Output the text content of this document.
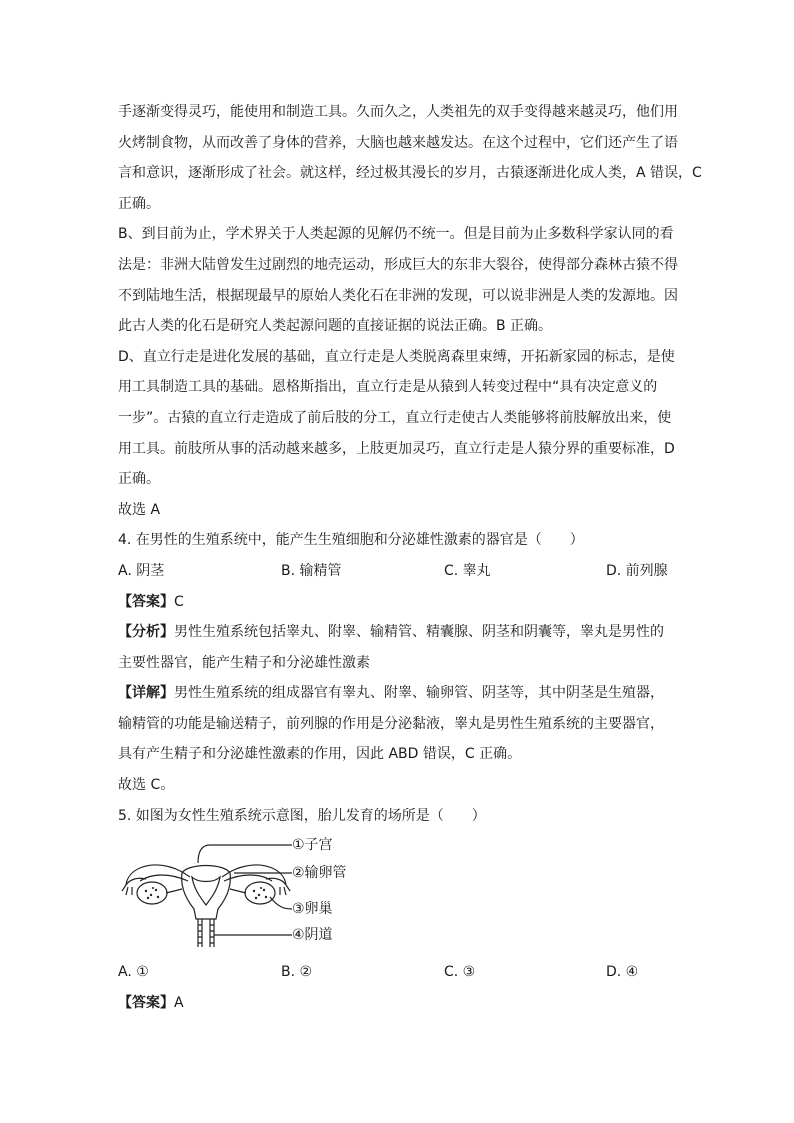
手逐渐变得灵巧，能使用和制造工具。久而久之，人类祖先的双手变得越来越灵巧，他们用
火烤制食物，从而改善了身体的营养，大脑也越来越发达。在这个过程中，它们还产生了语
言和意识，逐渐形成了社会。就这样，经过极其漫长的岁月，古猿逐渐进化成人类，A 错误，C
正确。
B、到目前为止，学术界关于人类起源的见解仍不统一。但是目前为止多数科学家认同的看
法是：非洲大陆曾发生过剧烈的地壳运动，形成巨大的东非大裂谷，使得部分森林古猿不得
不到陆地生活，根据现最早的原始人类化石在非洲的发现，可以说非洲是人类的发源地。因
此古人类的化石是研究人类起源问题的直接证据的说法正确。B 正确。
D、直立行走是进化发展的基础，直立行走是人类脱离森里束缚，开拓新家园的标志，是使
用工具制造工具的基础。恩格斯指出，直立行走是从猿到人转变过程中“具有决定意义的
一步”。古猿的直立行走造成了前后肢的分工，直立行走使古人类能够将前肢解放出来，使
用工具。前肢所从事的活动越来越多，上肢更加灵巧，直立行走是人猿分界的重要标准，D
正确。
故选 A
4. 在男性的生殖系统中，能产生生殖细胞和分泌雄性激素的器官是（　　）
A. 阴茎	B. 输精管	C. 睾丸	D. 前列腺
【答案】C
【分析】男性生殖系统包括睾丸、附睾、输精管、精囊腺、阴茎和阴囊等，睾丸是男性的
主要性器官，能产生精子和分泌雄性激素
【详解】男性生殖系统的组成器官有睾丸、附睾、输卵管、阴茎等，其中阴茎是生殖器，
输精管的功能是输送精子，前列腺的作用是分泌黏液，睾丸是男性生殖系统的主要器官，
具有产生精子和分泌雄性激素的作用，因此 ABD 错误，C 正确。
故选 C。
5. 如图为女性生殖系统示意图，胎儿发育的场所是（　　）
①子宫
②输卵管
③卵巢
④阴道
A. ①	B. ②	C. ③	D. ④
【答案】A
